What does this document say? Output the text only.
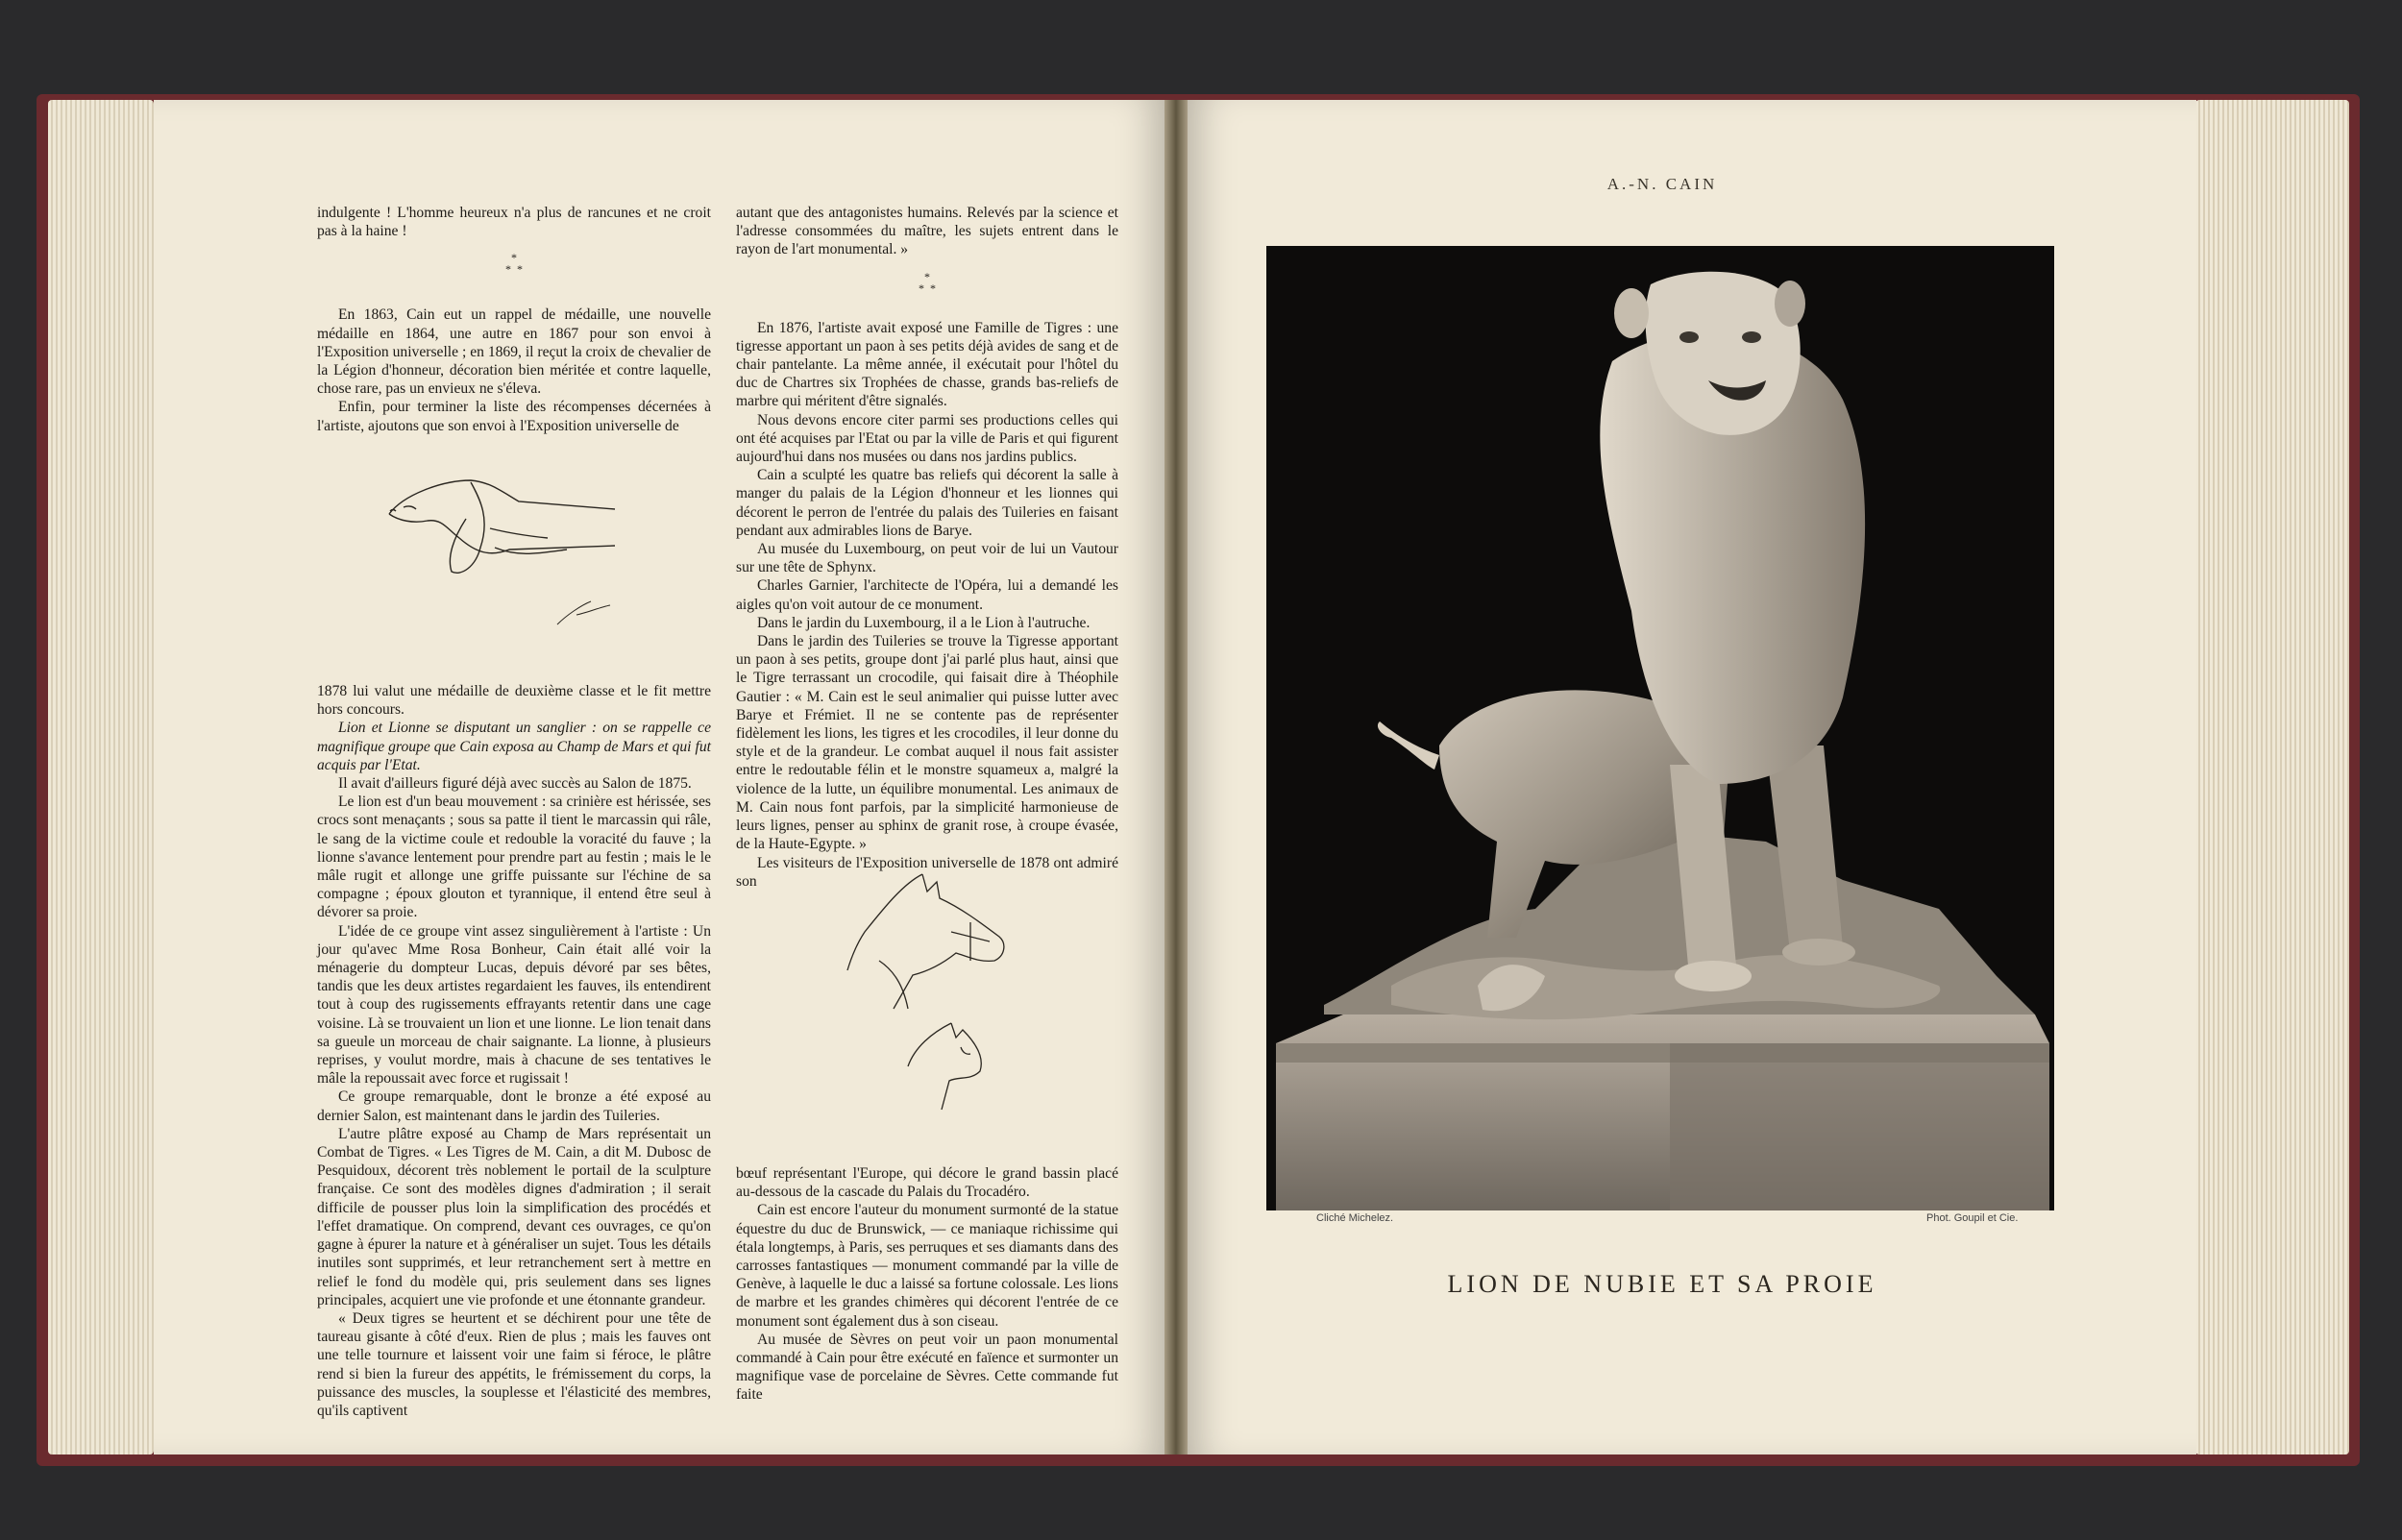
indulgente ! L'homme heureux n'a plus de rancunes et ne croit pas à la haine !

*
* *

En 1863, Cain eut un rappel de médaille, une nouvelle médaille en 1864, une autre en 1867 pour son envoi à l'Exposition universelle ; en 1869, il reçut la croix de chevalier de la Légion d'honneur, décoration bien méritée et contre laquelle, chose rare, pas un envieux ne s'éleva.

Enfin, pour terminer la liste des récompenses décernées à l'artiste, ajoutons que son envoi à l'Exposition universelle de

1878 lui valut une médaille de deuxième classe et le fit mettre hors concours.

Lion et Lionne se disputant un sanglier : on se rappelle ce magnifique groupe que Cain exposa au Champ de Mars et qui fut acquis par l'Etat.

Il avait d'ailleurs figuré déjà avec succès au Salon de 1875.

Le lion est d'un beau mouvement : sa crinière est hérissée, ses crocs sont menaçants ; sous sa patte il tient le marcassin qui râle, le sang de la victime coule et redouble la voracité du fauve ; la lionne s'avance lentement pour prendre part au festin ; mais le le mâle rugit et allonge une griffe puissante sur l'échine de sa compagne ; époux glouton et tyrannique, il entend être seul à dévorer sa proie.

L'idée de ce groupe vint assez singulièrement à l'artiste : Un jour qu'avec Mme Rosa Bonheur, Cain était allé voir la ménagerie du dompteur Lucas, depuis dévoré par ses bêtes, tandis que les deux artistes regardaient les fauves, ils entendirent tout à coup des rugissements effrayants retentir dans une cage voisine. Là se trouvaient un lion et une lionne. Le lion tenait dans sa gueule un morceau de chair saignante. La lionne, à plusieurs reprises, y voulut mordre, mais à chacune de ses tentatives le mâle la repoussait avec force et rugissait !

Ce groupe remarquable, dont le bronze a été exposé au dernier Salon, est maintenant dans le jardin des Tuileries.

L'autre plâtre exposé au Champ de Mars représentait un Combat de Tigres. « Les Tigres de M. Cain, a dit M. Dubosc de Pesquidoux, décorent très noblement le portail de la sculpture française. Ce sont des modèles dignes d'admiration ; il serait difficile de pousser plus loin la simplification des procédés et l'effet dramatique. On comprend, devant ces ouvrages, ce qu'on gagne à épurer la nature et à généraliser un sujet. Tous les détails inutiles sont supprimés, et leur retranchement sert à mettre en relief le fond du modèle qui, pris seulement dans ses lignes principales, acquiert une vie profonde et une étonnante grandeur.

« Deux tigres se heurtent et se déchirent pour une tête de taureau gisante à côté d'eux. Rien de plus ; mais les fauves ont une telle tournure et laissent voir une faim si féroce, le plâtre rend si bien la fureur des appétits, le frémissement du corps, la puissance des muscles, la souplesse et l'élasticité des membres, qu'ils captivent

autant que des antagonistes humains. Relevés par la science et l'adresse consommées du maître, les sujets entrent dans le rayon de l'art monumental. »

*
* *

En 1876, l'artiste avait exposé une Famille de Tigres : une tigresse apportant un paon à ses petits déjà avides de sang et de chair pantelante. La même année, il exécutait pour l'hôtel du duc de Chartres six Trophées de chasse, grands bas-reliefs de marbre qui méritent d'être signalés.

Nous devons encore citer parmi ses productions celles qui ont été acquises par l'Etat ou par la ville de Paris et qui figurent aujourd'hui dans nos musées ou dans nos jardins publics.

Cain a sculpté les quatre bas reliefs qui décorent la salle à manger du palais de la Légion d'honneur et les lionnes qui décorent le perron de l'entrée du palais des Tuileries en faisant pendant aux admirables lions de Barye.

Au musée du Luxembourg, on peut voir de lui un Vautour sur une tête de Sphynx.

Charles Garnier, l'architecte de l'Opéra, lui a demandé les aigles qu'on voit autour de ce monument.

Dans le jardin du Luxembourg, il a le Lion à l'autruche.

Dans le jardin des Tuileries se trouve la Tigresse apportant un paon à ses petits, groupe dont j'ai parlé plus haut, ainsi que le Tigre terrassant un crocodile, qui faisait dire à Théophile Gautier : « M. Cain est le seul animalier qui puisse lutter avec Barye et Frémiet. Il ne se contente pas de représenter fidèlement les lions, les tigres et les crocodiles, il leur donne du style et de la grandeur. Le combat auquel il nous fait assister entre le redoutable félin et le monstre squameux a, malgré la violence de la lutte, un équilibre monumental. Les animaux de M. Cain nous font parfois, par la simplicité harmonieuse de leurs lignes, penser au sphinx de granit rose, à croupe évasée, de la Haute-Egypte. »

Les visiteurs de l'Exposition universelle de 1878 ont admiré son

bœuf représentant l'Europe, qui décore le grand bassin placé au-dessous de la cascade du Palais du Trocadéro.

Cain est encore l'auteur du monument surmonté de la statue équestre du duc de Brunswick, — ce maniaque richissime qui étala longtemps, à Paris, ses perruques et ses diamants dans des carrosses fantastiques — monument commandé par la ville de Genève, à laquelle le duc a laissé sa fortune colossale. Les lions de marbre et les grandes chimères qui décorent l'entrée de ce monument sont également dus à son ciseau.

Au musée de Sèvres on peut voir un paon monumental commandé à Cain pour être exécuté en faïence et surmonter un magnifique vase de porcelaine de Sèvres. Cette commande fut faite

A.-N. CAIN
Cliché Michelez.	Phot. Goupil et Cie.
LION DE NUBIE ET SA PROIE
